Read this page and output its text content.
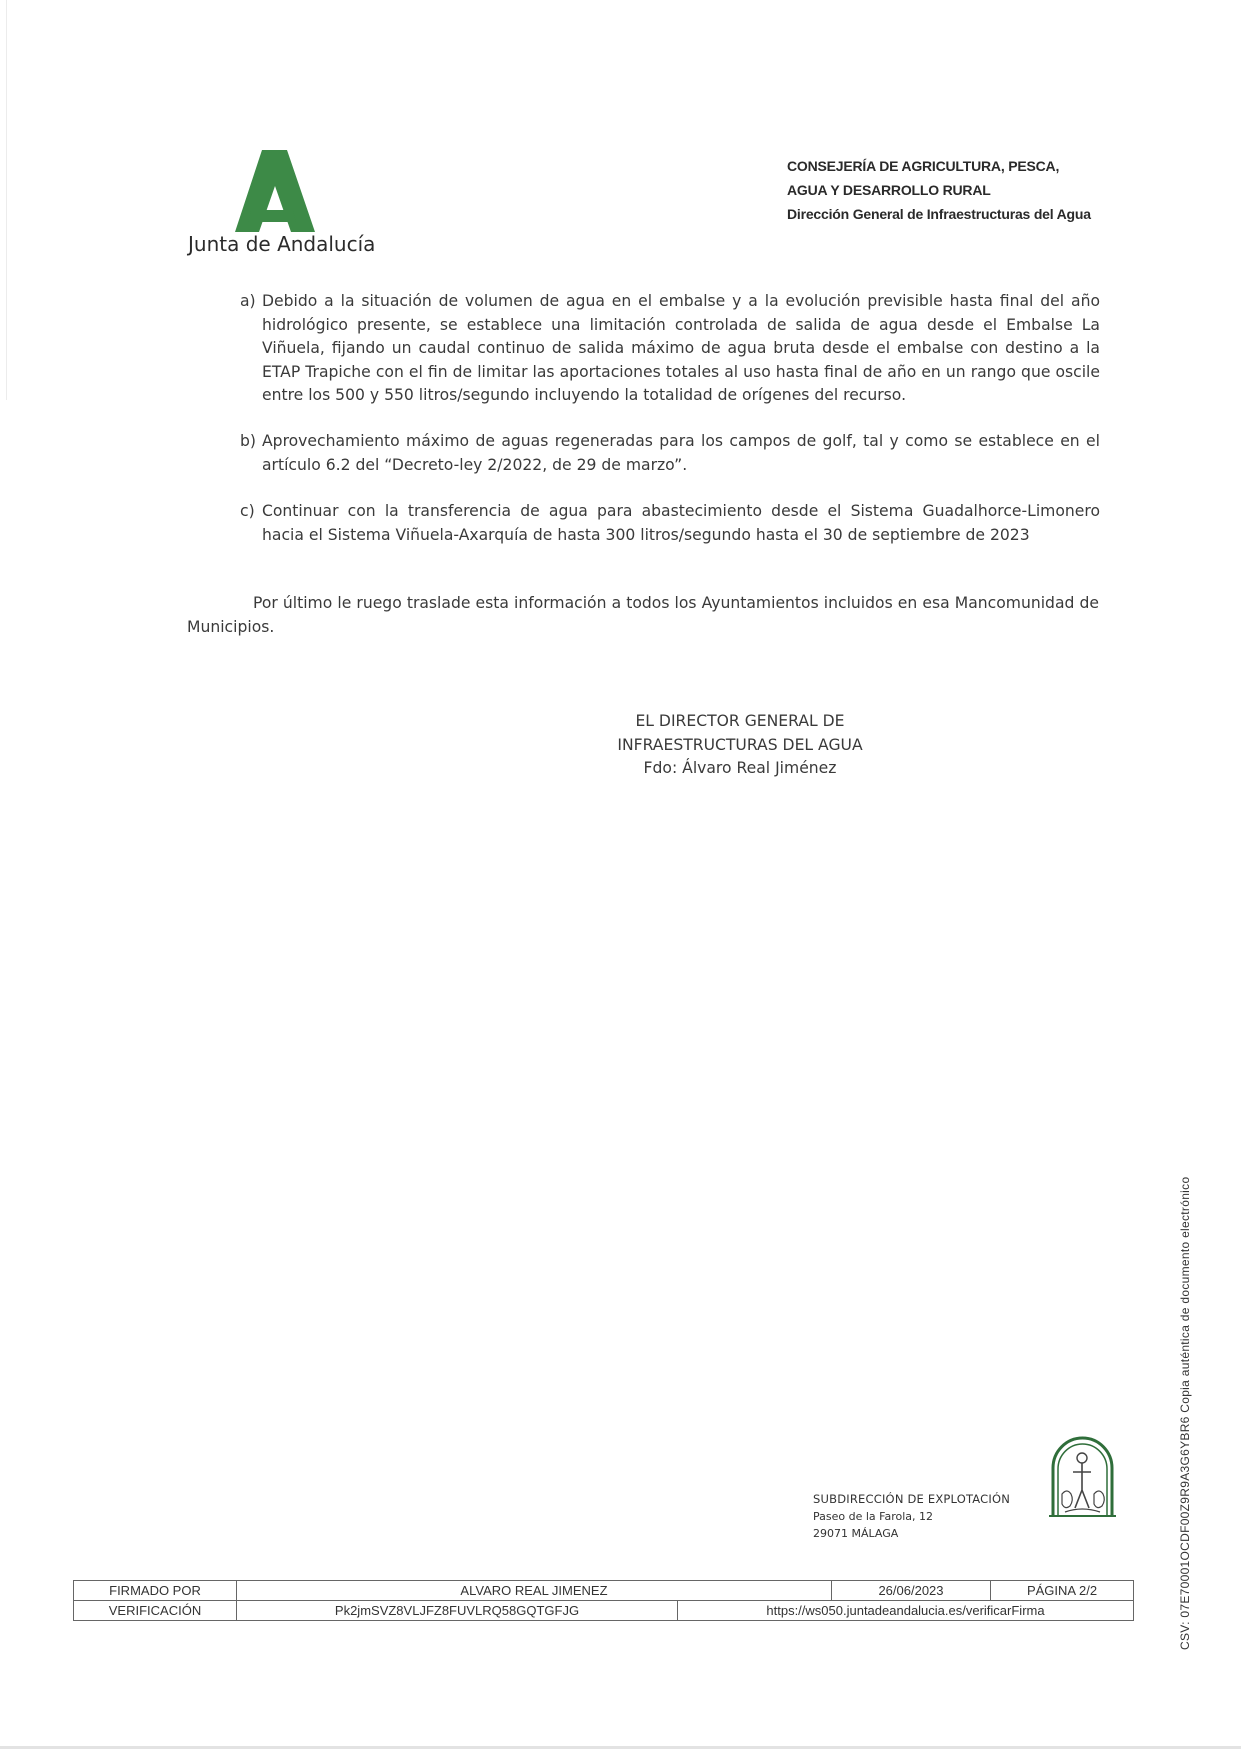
Junta de Andalucía
CONSEJERÍA DE AGRICULTURA, PESCA,
AGUA Y DESARROLLO RURAL
Dirección General de Infraestructuras del Agua
a) Debido a la situación de volumen de agua en el embalse y a la evolución previsible hasta final del año hidrológico presente, se establece una limitación controlada de salida de agua desde el Embalse La Viñuela, fijando un caudal continuo de salida máximo de agua bruta desde el embalse con destino a la ETAP Trapiche con el fin de limitar las aportaciones totales al uso hasta final de año en un rango que oscile entre los 500 y 550 litros/segundo incluyendo la totalidad de orígenes del recurso.
b) Aprovechamiento máximo de aguas regeneradas para los campos de golf, tal y como se establece en el artículo 6.2 del “Decreto-ley 2/2022, de 29 de marzo”.
c) Continuar con la transferencia de agua para abastecimiento desde el Sistema Guadalhorce-Limonero hacia el Sistema Viñuela-Axarquía de hasta 300 litros/segundo hasta el 30 de septiembre de 2023
Por último le ruego traslade esta información a todos los Ayuntamientos incluidos en esa Mancomunidad de Municipios.
EL DIRECTOR GENERAL DE
INFRAESTRUCTURAS DEL AGUA
Fdo: Álvaro Real Jiménez
SUBDIRECCIÓN DE EXPLOTACIÓN
Paseo de la Farola, 12
29071 MÁLAGA
FIRMADO POR	ALVARO REAL JIMENEZ		26/06/2023	PÁGINA 2/2
VERIFICACIÓN	Pk2jmSVZ8VLJFZ8FUVLRQ58GQTGFJG	https://ws050.juntadeandalucia.es/verificarFirma			CSV: 07E70001OCDF00Z9R9A3G6YBR6 Copia auténtica de documento electrónico
